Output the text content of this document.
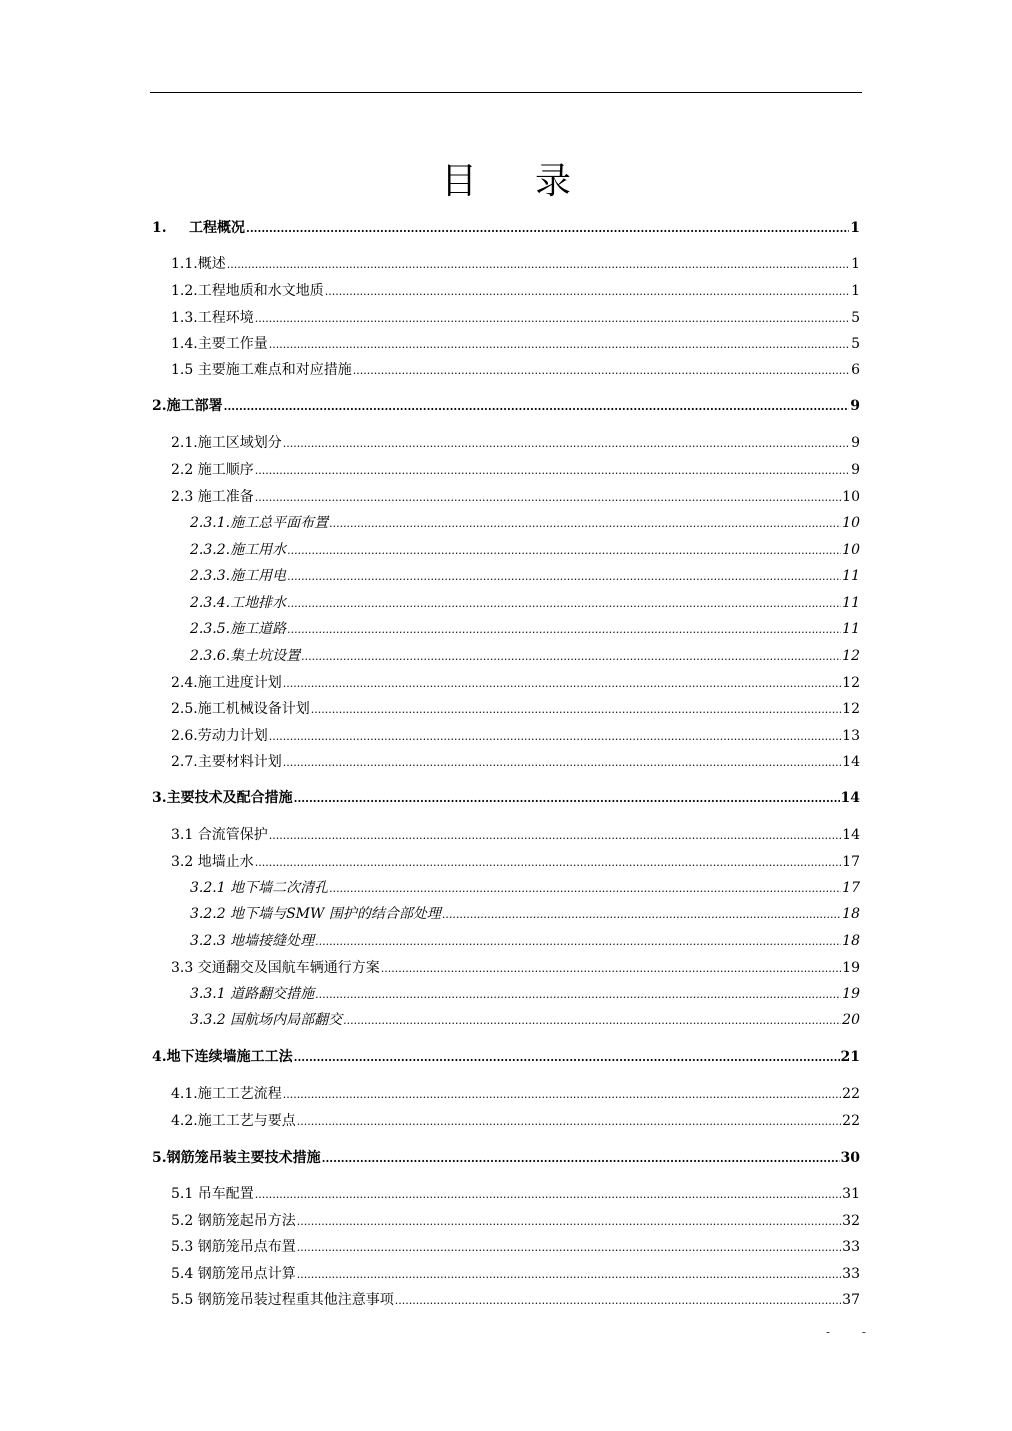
目 录
1. 工程概况 .....	1
1.1.概述 .....	1
1.2.工程地质和水文地质 .....	1
1.3.工程环境 .....	5
1.4.主要工作量 .....	5
1.5 主要施工难点和对应措施 .....	6
2.施工部署 .....	9
2.1.施工区域划分 .....	9
2.2 施工顺序 .....	9
2.3 施工准备 .....	10
2.3.1.施工总平面布置 .....	10
2.3.2.施工用水 .....	10
2.3.3.施工用电 .....	11
2.3.4.工地排水 .....	11
2.3.5.施工道路 .....	11
2.3.6.集土坑设置 .....	12
2.4.施工进度计划 .....	12
2.5.施工机械设备计划 .....	12
2.6.劳动力计划 .....	13
2.7.主要材料计划 .....	14
3.主要技术及配合措施 .....	14
3.1 合流管保护 .....	14
3.2 地墙止水 .....	17
3.2.1 地下墙二次清孔 .....	17
3.2.2 地下墙与SMW 围护的结合部处理 .....	18
3.2.3 地墙接缝处理 .....	18
3.3 交通翻交及国航车辆通行方案 .....	19
3.3.1 道路翻交措施 .....	19
3.3.2 国航场内局部翻交 .....	20
4.地下连续墙施工工法 .....	21
4.1.施工工艺流程 .....	22
4.2.施工工艺与要点 .....	22
5.钢筋笼吊装主要技术措施 .....	30
5.1 吊车配置 .....	31
5.2 钢筋笼起吊方法 .....	32
5.3 钢筋笼吊点布置 .....	33
5.4 钢筋笼吊点计算 .....	33
5.5 钢筋笼吊装过程重其他注意事项 .....	37
- -
